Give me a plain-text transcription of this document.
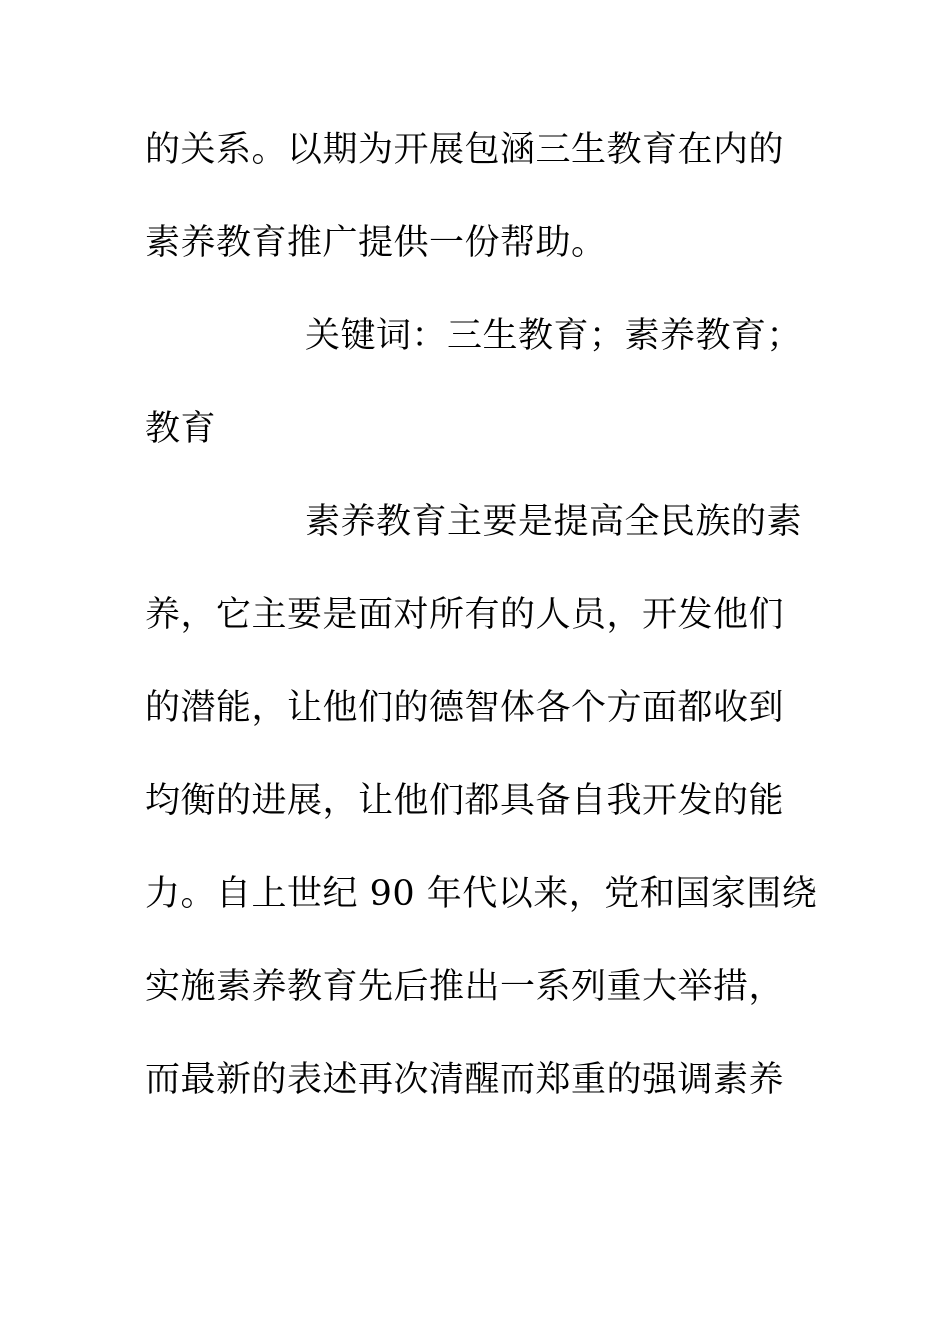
的关系。以期为开展包涵三生教育在内的
素养教育推广提供一份帮助。
关键词：三生教育；素养教育；
教育
素养教育主要是提高全民族的素
养，它主要是面对所有的人员，开发他们
的潜能，让他们的德智体各个方面都收到
均衡的进展，让他们都具备自我开发的能
力。自上世纪 90 年代以来，党和国家围绕
实施素养教育先后推出一系列重大举措，
而最新的表述再次清醒而郑重的强调素养
